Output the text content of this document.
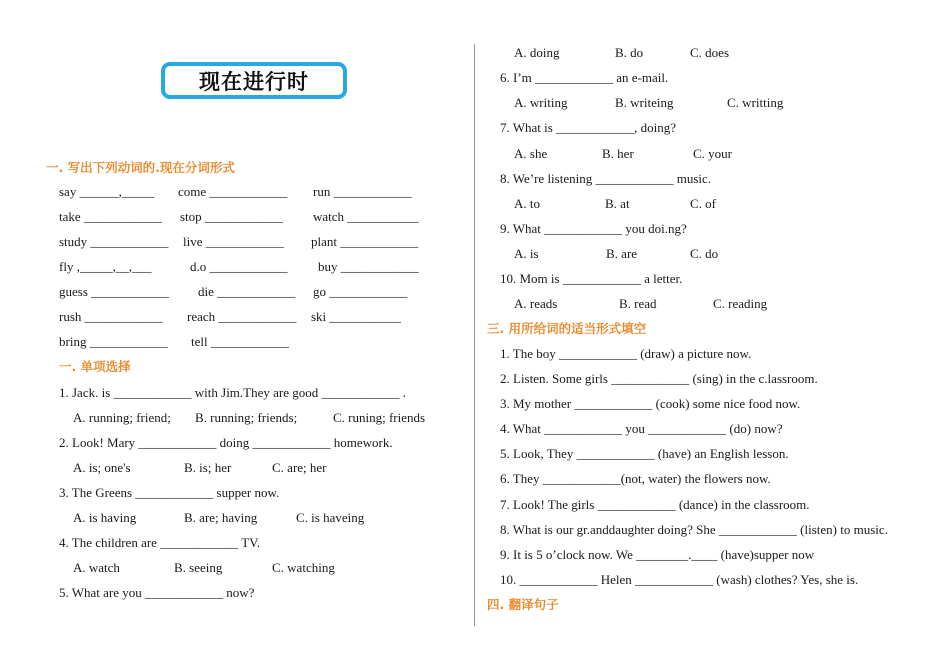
现在进行时
一. 写出下列动词的.现在分词形式
say ______,_____ come ____________ run ____________
take ____________ stop ____________ watch ___________
study ____________ live ____________ plant ____________
fly ,_____,__,___	d.o ____________ buy ____________
guess ____________ die ____________ go ____________
rush ____________ reach ____________ ski ___________
bring ____________ tell ____________
一. 单项选择
1. Jack. is ____________ with Jim.They are good ____________ .
A. running; friend; B. running; friends;	C. runing; friends
2. Look! Mary ____________ doing ____________ homework.
A. is; one's	B. is; her	C. are; her
3. The Greens ____________ supper now.
A. is having	B. are; having	C. is haveing
4. The children are ____________ TV.
A. watch	B. seeing	C. watching
5. What are you ____________ now?
A. doing	B. do	C. does
6. I’m ____________ an e-mail.
A. writing	B. writeing	C. writting
7. What is ____________, doing?
A. she	B. her	C. your
8. We’re listening ____________ music.
A. to	B. at	C. of
9. What ____________ you doi.ng?
A. is	B. are	C. do
10. Mom is ____________ a letter.
A. reads	B. read	C. reading
三. 用所给词的适当形式填空
1. The boy ____________ (draw) a picture now.
2. Listen. Some girls ____________ (sing) in the c.lassroom.
3. My mother ____________ (cook) some nice food now.
4. What ____________ you ____________ (do) now?
5. Look, They ____________ (have) an English lesson.
6. They ____________(not, water) the flowers now.
7. Look! The girls ____________ (dance) in the classroom.
8. What is our gr.anddaughter doing? She ____________ (listen) to music.
9. It is 5 o’clock now. We ________.____ (have)supper now
10. ____________ Helen ____________ (wash) clothes? Yes, she is.
四. 翻译句子
